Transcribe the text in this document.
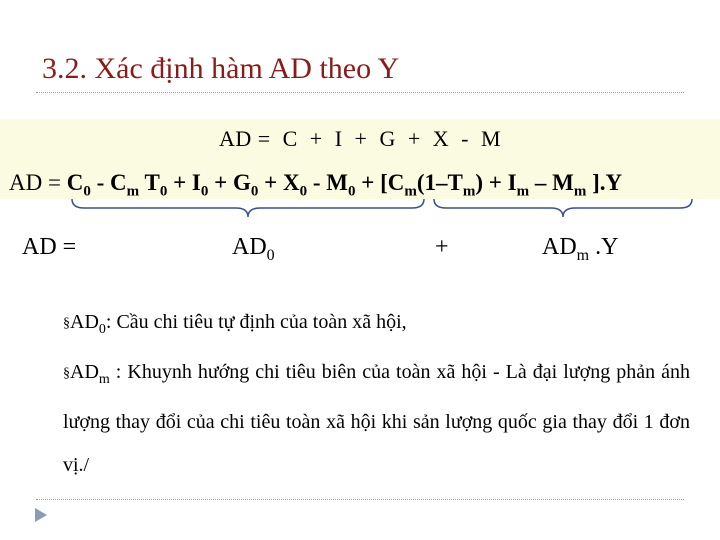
3.2. Xác định hàm AD theo Y
AD =  C  +  I  +  G  +  X  -  M
AD = $C_0 - C_m$ $T_0 + I_0 + G_0 + X_0 - M_0 + [C_m(1-T_m) + I_m - M_m$ ].Y
AD =	$AD_0$	+	$AD_m$ .Y
$\S AD_0$: Cầu chi tiêu tự định của toàn xã hội,
$\S AD_m$ : Khuynh hướng chi tiêu biên của toàn xã hội - Là đại lượng phản ánh lượng thay đổi của chi tiêu toàn xã hội khi sản lượng quốc gia thay đổi 1 đơn vị./
